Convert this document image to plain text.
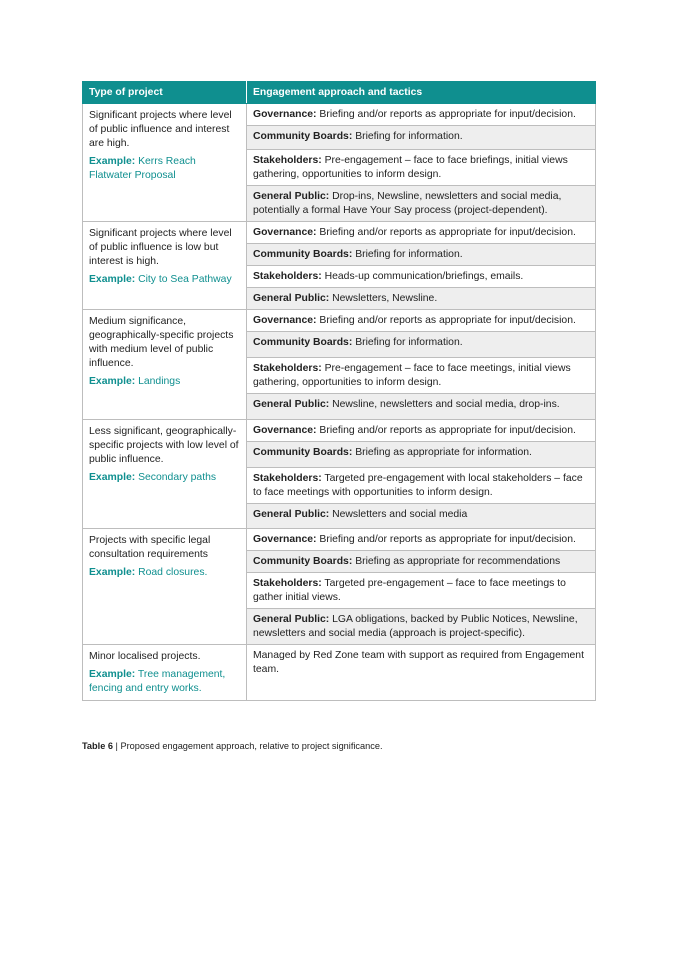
Type of project	Engagement approach and tactics

Significant projects where level of public influence and interest are high.

Example: Kerrs Reach Flatwater Proposal	Governance: Briefing and/or reports as appropriate for input/decision.
	Community Boards: Briefing for information.
	Stakeholders: Pre-engagement – face to face briefings, initial views gathering, opportunities to inform design.
	General Public: Drop-ins, Newsline, newsletters and social media, potentially a formal Have Your Say process (project-dependent).

Significant projects where level of public influence is low but interest is high.

Example: City to Sea Pathway	Governance: Briefing and/or reports as appropriate for input/decision.
	Community Boards: Briefing for information.
	Stakeholders: Heads-up communication/briefings, emails.
	General Public: Newsletters, Newsline.

Medium significance, geographically-specific projects with medium level of public influence.

Example: Landings	Governance: Briefing and/or reports as appropriate for input/decision.
	Community Boards: Briefing for information.
	Stakeholders: Pre-engagement – face to face meetings, initial views gathering, opportunities to inform design.
	General Public: Newsline, newsletters and social media, drop-ins.

Less significant, geographically-specific projects with low level of public influence.

Example: Secondary paths	Governance: Briefing and/or reports as appropriate for input/decision.
	Community Boards: Briefing as appropriate for information.
	Stakeholders: Targeted pre-engagement with local stakeholders – face to face meetings with opportunities to inform design.
	General Public: Newsletters and social media

Projects with specific legal consultation requirements

Example: Road closures.	Governance: Briefing and/or reports as appropriate for input/decision.
	Community Boards: Briefing as appropriate for recommendations
	Stakeholders: Targeted pre-engagement – face to face meetings to gather initial views.
	General Public: LGA obligations, backed by Public Notices, Newsline, newsletters and social media (approach is project-specific).

Minor localised projects.

Example: Tree management, fencing and entry works.	Managed by Red Zone team with support as required from Engagement team.
Table 6 | Proposed engagement approach, relative to project significance.
